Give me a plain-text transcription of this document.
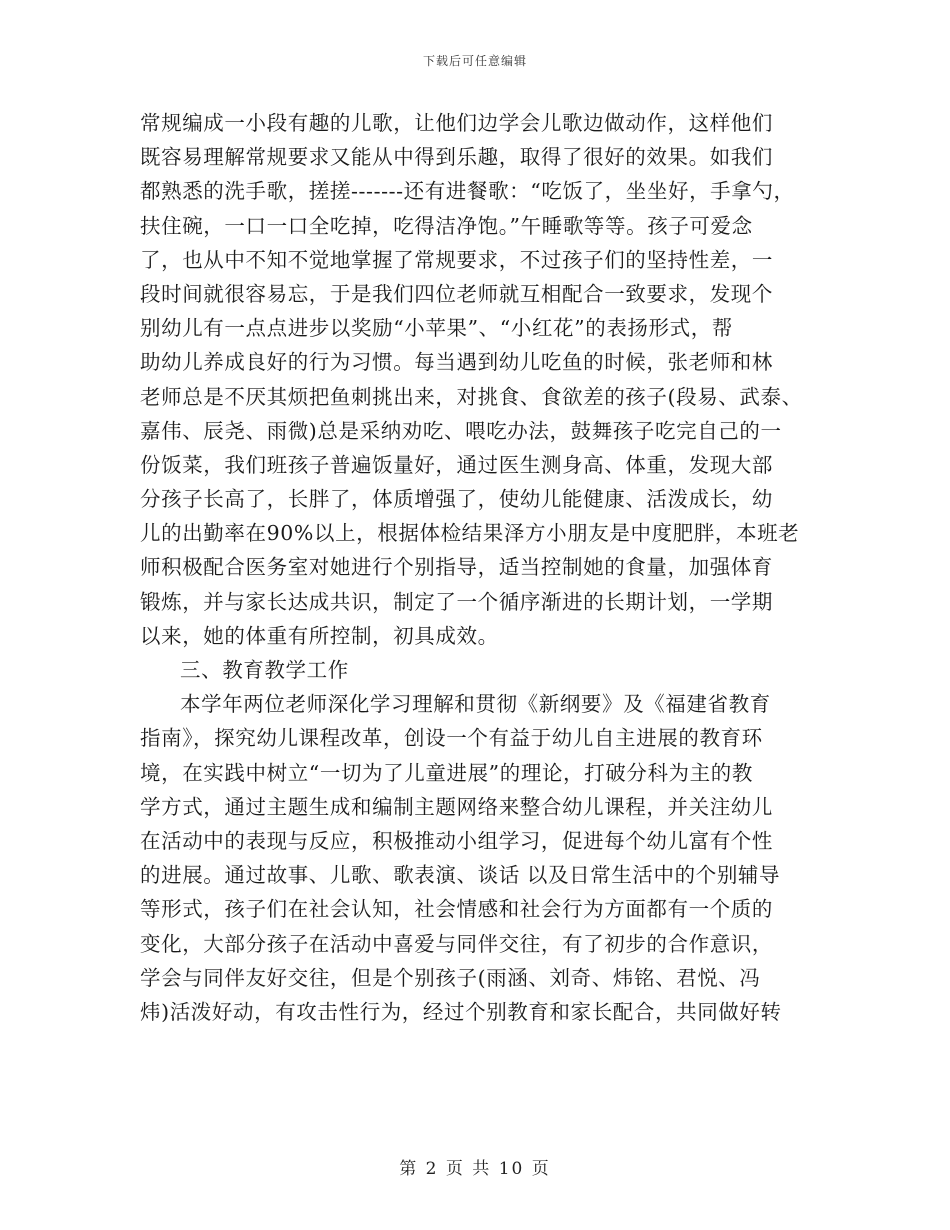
下载后可任意编辑
常规编成一小段有趣的儿歌，让他们边学会儿歌边做动作，这样他们
既容易理解常规要求又能从中得到乐趣，取得了很好的效果。如我们
都熟悉的洗手歌，搓搓-------还有进餐歌：“吃饭了，坐坐好，手拿勺，
扶住碗，一口一口全吃掉，吃得洁净饱。”午睡歌等等。孩子可爱念
了，也从中不知不觉地掌握了常规要求，不过孩子们的坚持性差，一
段时间就很容易忘，于是我们四位老师就互相配合一致要求，发现个
别幼儿有一点点进步以奖励“小苹果”、“小红花”的表扬形式，帮
助幼儿养成良好的行为习惯。每当遇到幼儿吃鱼的时候，张老师和林
老师总是不厌其烦把鱼刺挑出来，对挑食、食欲差的孩子(段易、武泰、
嘉伟、辰尧、雨微)总是采纳劝吃、喂吃办法，鼓舞孩子吃完自己的一
份饭菜，我们班孩子普遍饭量好，通过医生测身高、体重，发现大部
分孩子长高了，长胖了，体质增强了，使幼儿能健康、活泼成长，幼
儿的出勤率在90%以上，根据体检结果泽方小朋友是中度肥胖，本班老
师积极配合医务室对她进行个别指导，适当控制她的食量，加强体育
锻炼，并与家长达成共识，制定了一个循序渐进的长期计划，一学期
以来，她的体重有所控制，初具成效。
三、教育教学工作
本学年两位老师深化学习理解和贯彻《新纲要》及《福建省教育
指南》，探究幼儿课程改革，创设一个有益于幼儿自主进展的教育环
境，在实践中树立“一切为了儿童进展”的理论，打破分科为主的教
学方式，通过主题生成和编制主题网络来整合幼儿课程，并关注幼儿
在活动中的表现与反应，积极推动小组学习，促进每个幼儿富有个性
的进展。通过故事、儿歌、歌表演、谈话 以及日常生活中的个别辅导
等形式，孩子们在社会认知，社会情感和社会行为方面都有一个质的
变化，大部分孩子在活动中喜爱与同伴交往，有了初步的合作意识，
学会与同伴友好交往，但是个别孩子(雨涵、刘奇、炜铭、君悦、冯
炜)活泼好动，有攻击性行为，经过个别教育和家长配合，共同做好转
第 2 页 共 10 页
